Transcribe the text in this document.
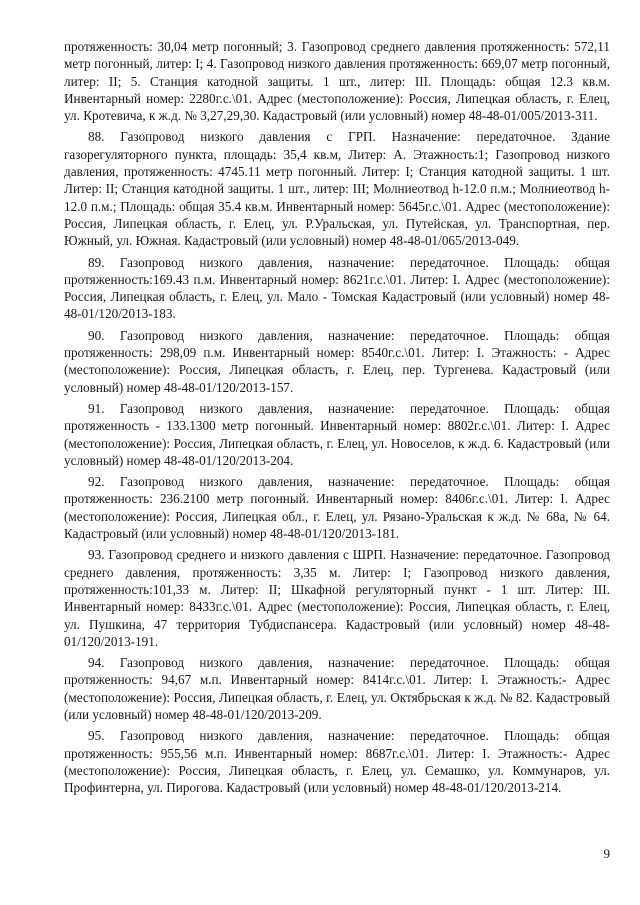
протяженность: 30,04 метр погонный; 3. Газопровод среднего давления протяженность: 572,11 метр погонный, литер: I; 4. Газопровод низкого давления протяженность: 669,07 метр погонный, литер: II; 5. Станция катодной защиты. 1 шт., литер: III. Площадь: общая 12.3 кв.м. Инвентарный номер: 2280г.с.\01. Адрес (местоположение): Россия, Липецкая область, г. Елец, ул. Кротевича, к ж.д. № 3,27,29,30. Кадастровый (или условный) номер 48-48-01/005/2013-311.

88. Газопровод низкого давления с ГРП. Назначение: передаточное. Здание газорегуляторного пункта, площадь: 35,4 кв.м, Литер: А. Этажность:1; Газопровод низкого давления, протяженность: 4745.11 метр погонный. Литер: I; Станция катодной защиты. 1 шт. Литер: II; Станция катодной защиты. 1 шт., литер: III; Молниеотвод h-12.0 п.м.; Молниеотвод h-12.0 п.м.; Площадь: общая 35.4 кв.м. Инвентарный номер: 5645г.с.\01. Адрес (местоположение): Россия, Липецкая область, г. Елец, ул. Р.Уральская, ул. Путейская, ул. Транспортная, пер. Южный, ул. Южная. Кадастровый (или условный) номер 48-48-01/065/2013-049.

89. Газопровод низкого давления, назначение: передаточное. Площадь: общая протяженность:169.43 п.м. Инвентарный номер: 8621г.с.\01. Литер: I. Адрес (местоположение): Россия, Липецкая область, г. Елец, ул. Мало - Томская Кадастровый (или условный) номер 48-48-01/120/2013-183.

90. Газопровод низкого давления, назначение: передаточное. Площадь: общая протяженность: 298,09 п.м. Инвентарный номер: 8540г.с.\01. Литер: I. Этажность: - Адрес (местоположение): Россия, Липецкая область, г. Елец, пер. Тургенева. Кадастровый (или условный) номер 48-48-01/120/2013-157.

91. Газопровод низкого давления, назначение: передаточное. Площадь: общая протяженность - 133.1300 метр погонный. Инвентарный номер: 8802г.с.\01. Литер: I. Адрес (местоположение): Россия, Липецкая область, г. Елец, ул. Новоселов, к ж.д. 6. Кадастровый (или условный) номер 48-48-01/120/2013-204.

92. Газопровод низкого давления, назначение: передаточное. Площадь: общая протяженность: 236.2100 метр погонный. Инвентарный номер: 8406г.с.\01. Литер: I. Адрес (местоположение): Россия, Липецкая обл., г. Елец, ул. Рязано-Уральская к ж.д. № 68а, № 64. Кадастровый (или условный) номер 48-48-01/120/2013-181.

93. Газопровод среднего и низкого давления с ШРП. Назначение: передаточное. Газопровод среднего давления, протяженность: 3,35 м. Литер: I; Газопровод низкого давления, протяженность:101,33 м. Литер: II; Шкафной регуляторный пункт - 1 шт. Литер: III. Инвентарный номер: 8433г.с.\01. Адрес (местоположение): Россия, Липецкая область, г. Елец, ул. Пушкина, 47 территория Тубдиспансера. Кадастровый (или условный) номер 48-48-01/120/2013-191.

94. Газопровод низкого давления, назначение: передаточное. Площадь: общая протяженность: 94,67 м.п. Инвентарный номер: 8414г.с.\01. Литер: I. Этажность:- Адрес (местоположение): Россия, Липецкая область, г. Елец, ул. Октябрьская к ж.д. № 82. Кадастровый (или условный) номер 48-48-01/120/2013-209.

95. Газопровод низкого давления, назначение: передаточное. Площадь: общая протяженность: 955,56 м.п. Инвентарный номер: 8687г.с.\01. Литер: I. Этажность:- Адрес (местоположение): Россия, Липецкая область, г. Елец, ул. Семашко, ул. Коммунаров, ул. Профинтерна, ул. Пирогова. Кадастровый (или условный) номер 48-48-01/120/2013-214.

9
